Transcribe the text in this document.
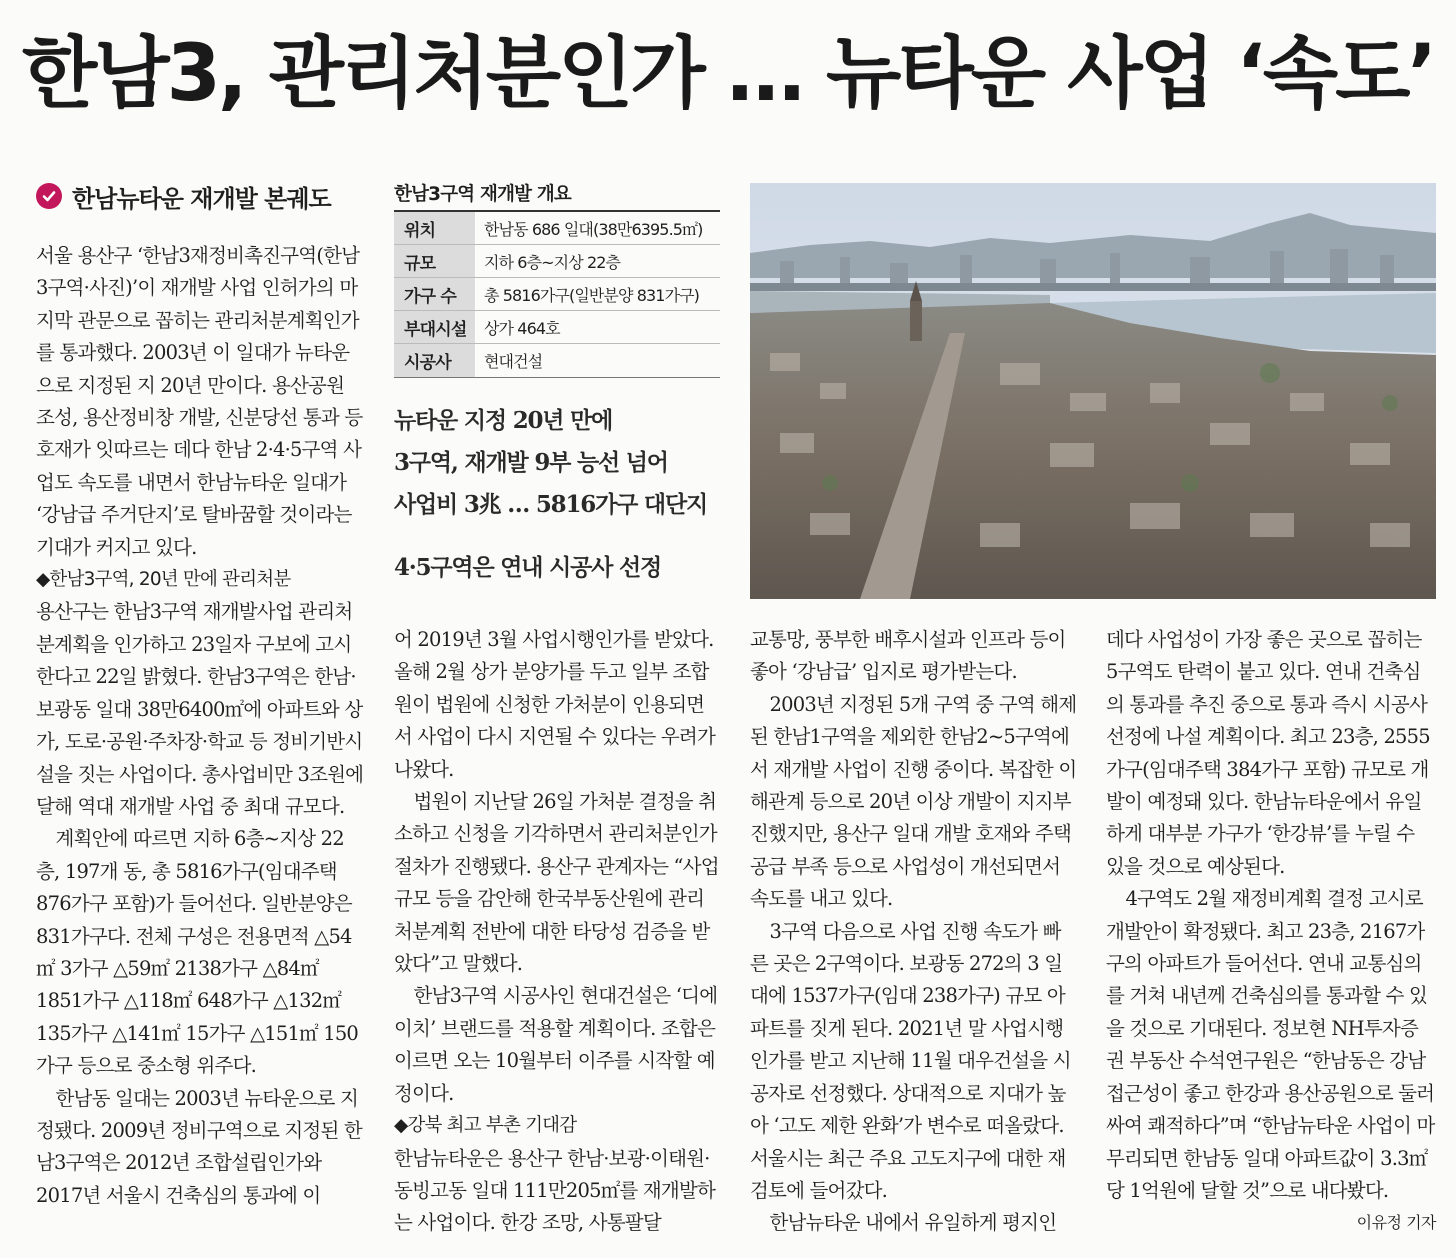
한남3, 관리처분인가 … 뉴타운 사업 ‘속도’
한남뉴타운 재개발 본궤도

서울 용산구 ‘한남3재정비촉진구역(한남3구역·사진)’이 재개발 사업 인허가의 마지막 관문으로 꼽히는 관리처분계획인가를 통과했다. 2003년 이 일대가 뉴타운으로 지정된 지 20년 만이다. 용산공원 조성, 용산정비창 개발, 신분당선 통과 등 호재가 잇따르는 데다 한남 2·4·5구역 사업도 속도를 내면서 한남뉴타운 일대가 ‘강남급 주거단지’로 탈바꿈할 것이라는 기대가 커지고 있다.

◆한남3구역, 20년 만에 관리처분

용산구는 한남3구역 재개발사업 관리처분계획을 인가하고 23일자 구보에 고시한다고 22일 밝혔다. 한남3구역은 한남·보광동 일대 38만6400㎡에 아파트와 상가, 도로·공원·주차장·학교 등 정비기반시설을 짓는 사업이다. 총사업비만 3조원에 달해 역대 재개발 사업 중 최대 규모다.

계획안에 따르면 지하 6층~지상 22층, 197개 동, 총 5816가구(임대주택 876가구 포함)가 들어선다. 일반분양은 831가구다. 전체 구성은 전용면적 △54㎡ 3가구 △59㎡ 2138가구 △84㎡ 1851가구 △118㎡ 648가구 △132㎡ 135가구 △141㎡ 15가구 △151㎡ 150가구 등으로 중소형 위주다.

한남동 일대는 2003년 뉴타운으로 지정됐다. 2009년 정비구역으로 지정된 한남3구역은 2012년 조합설립인가와 2017년 서울시 건축심의 통과에 이

한남3구역 재개발 개요
위치	한남동 686 일대(38만6395.5㎡)
규모	지하 6층~지상 22층
가구 수	총 5816가구(일반분양 831가구)
부대시설	상가 464호
시공사	현대건설
뉴타운 지정 20년 만에
3구역, 재개발 9부 능선 넘어
사업비 3兆 … 5816가구 대단지
4·5구역은 연내 시공사 선정

어 2019년 3월 사업시행인가를 받았다. 올해 2월 상가 분양가를 두고 일부 조합원이 법원에 신청한 가처분이 인용되면서 사업이 다시 지연될 수 있다는 우려가 나왔다.

법원이 지난달 26일 가처분 결정을 취소하고 신청을 기각하면서 관리처분인가 절차가 진행됐다. 용산구 관계자는 “사업 규모 등을 감안해 한국부동산원에 관리처분계획 전반에 대한 타당성 검증을 받았다”고 말했다.

한남3구역 시공사인 현대건설은 ‘디에이치’ 브랜드를 적용할 계획이다. 조합은 이르면 오는 10월부터 이주를 시작할 예정이다.

◆강북 최고 부촌 기대감

한남뉴타운은 용산구 한남·보광·이태원·동빙고동 일대 111만205㎡를 재개발하는 사업이다. 한강 조망, 사통팔달

교통망, 풍부한 배후시설과 인프라 등이 좋아 ‘강남급’ 입지로 평가받는다.

2003년 지정된 5개 구역 중 구역 해제된 한남1구역을 제외한 한남2~5구역에서 재개발 사업이 진행 중이다. 복잡한 이해관계 등으로 20년 이상 개발이 지지부진했지만, 용산구 일대 개발 호재와 주택 공급 부족 등으로 사업성이 개선되면서 속도를 내고 있다.

3구역 다음으로 사업 진행 속도가 빠른 곳은 2구역이다. 보광동 272의 3 일대에 1537가구(임대 238가구) 규모 아파트를 짓게 된다. 2021년 말 사업시행인가를 받고 지난해 11월 대우건설을 시공자로 선정했다. 상대적으로 지대가 높아 ‘고도 제한 완화’가 변수로 떠올랐다. 서울시는 최근 주요 고도지구에 대한 재검토에 들어갔다.

한남뉴타운 내에서 유일하게 평지인

데다 사업성이 가장 좋은 곳으로 꼽히는 5구역도 탄력이 붙고 있다. 연내 건축심의 통과를 추진 중으로 통과 즉시 시공사 선정에 나설 계획이다. 최고 23층, 2555가구(임대주택 384가구 포함) 규모로 개발이 예정돼 있다. 한남뉴타운에서 유일하게 대부분 가구가 ‘한강뷰’를 누릴 수 있을 것으로 예상된다.

4구역도 2월 재정비계획 결정 고시로 개발안이 확정됐다. 최고 23층, 2167가구의 아파트가 들어선다. 연내 교통심의를 거쳐 내년께 건축심의를 통과할 수 있을 것으로 기대된다. 정보현 NH투자증권 부동산 수석연구원은 “한남동은 강남 접근성이 좋고 한강과 용산공원으로 둘러싸여 쾌적하다”며 “한남뉴타운 사업이 마무리되면 한남동 일대 아파트값이 3.3㎡당 1억원에 달할 것”으로 내다봤다.
이유정 기자
